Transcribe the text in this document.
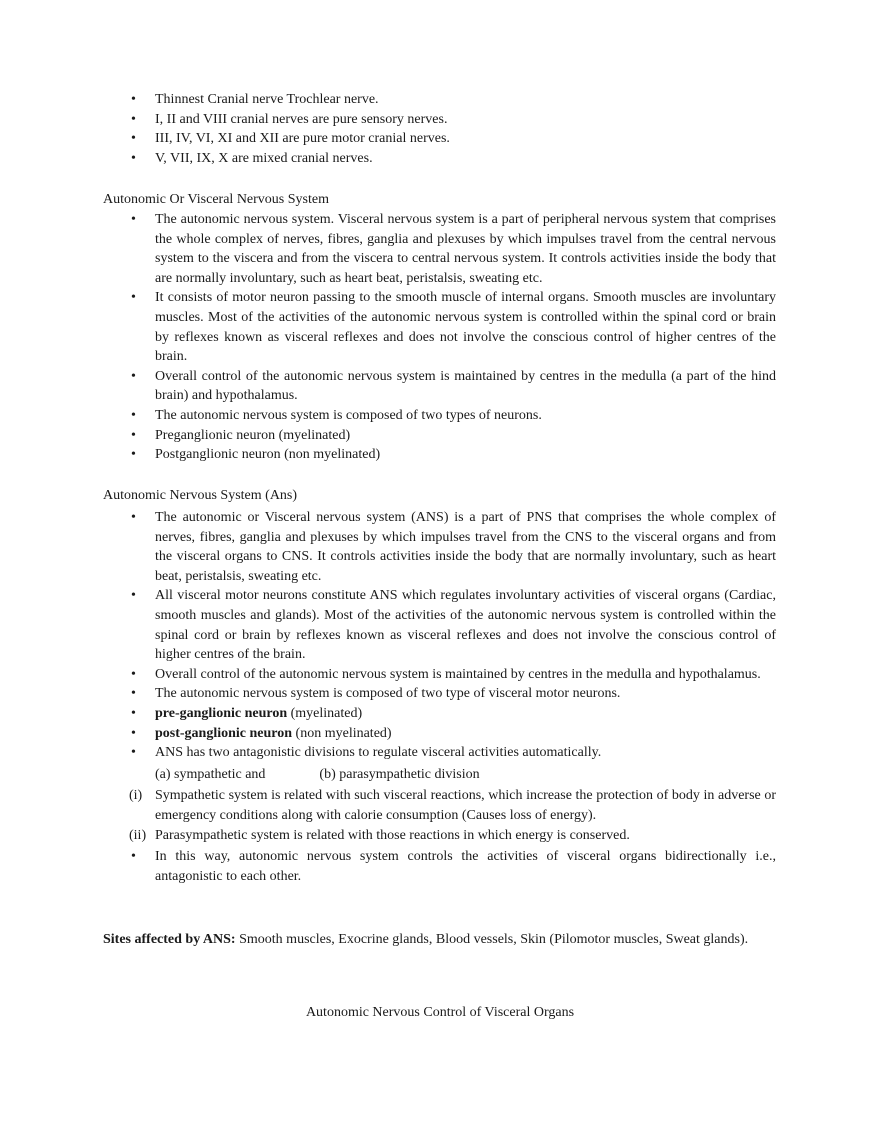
• Thinnest Cranial nerve Trochlear nerve.
• I, II and VIII cranial nerves are pure sensory nerves.
• III, IV, VI, XI and XII are pure motor cranial nerves.
• V, VII, IX, X are mixed cranial nerves.
Autonomic Or Visceral Nervous System
• The autonomic nervous system. Visceral nervous system is a part of peripheral nervous system that comprises the whole complex of nerves, fibres, ganglia and plexuses by which impulses travel from the central nervous system to the viscera and from the viscera to central nervous system. It controls activities inside the body that are normally involuntary, such as heart beat, peristalsis, sweating etc.
• It consists of motor neuron passing to the smooth muscle of internal organs. Smooth muscles are involuntary muscles. Most of the activities of the autonomic nervous system is controlled within the spinal cord or brain by reflexes known as visceral reflexes and does not involve the conscious control of higher centres of the brain.
• Overall control of the autonomic nervous system is maintained by centres in the medulla (a part of the hind brain) and hypothalamus.
• The autonomic nervous system is composed of two types of neurons.
• Preganglionic neuron (myelinated)
• Postganglionic neuron (non myelinated)
Autonomic Nervous System (Ans)
• The autonomic or Visceral nervous system (ANS) is a part of PNS that comprises the whole complex of nerves, fibres, ganglia and plexuses by which impulses travel from the CNS to the visceral organs and from the visceral organs to CNS. It controls activities inside the body that are normally involuntary, such as heart beat, peristalsis, sweating etc.
• All visceral motor neurons constitute ANS which regulates involuntary activities of visceral organs (Cardiac, smooth muscles and glands). Most of the activities of the autonomic nervous system is controlled within the spinal cord or brain by reflexes known as visceral reflexes and does not involve the conscious control of higher centres of the brain.
• Overall control of the autonomic nervous system is maintained by centres in the medulla and hypothalamus.
• The autonomic nervous system is composed of two type of visceral motor neurons.
• pre-ganglionic neuron (myelinated)
• post-ganglionic neuron (non myelinated)
• ANS has two antagonistic divisions to regulate visceral activities automatically.
(a) sympathetic and	(b) parasympathetic division
(i) Sympathetic system is related with such visceral reactions, which increase the protection of body in adverse or emergency conditions along with calorie consumption (Causes loss of energy).
(ii) Parasympathetic system is related with those reactions in which energy is conserved.
• In this way, autonomic nervous system controls the activities of visceral organs bidirectionally i.e., antagonistic to each other.
Sites affected by ANS: Smooth muscles, Exocrine glands, Blood vessels, Skin (Pilomotor muscles, Sweat glands).
Autonomic Nervous Control of Visceral Organs
